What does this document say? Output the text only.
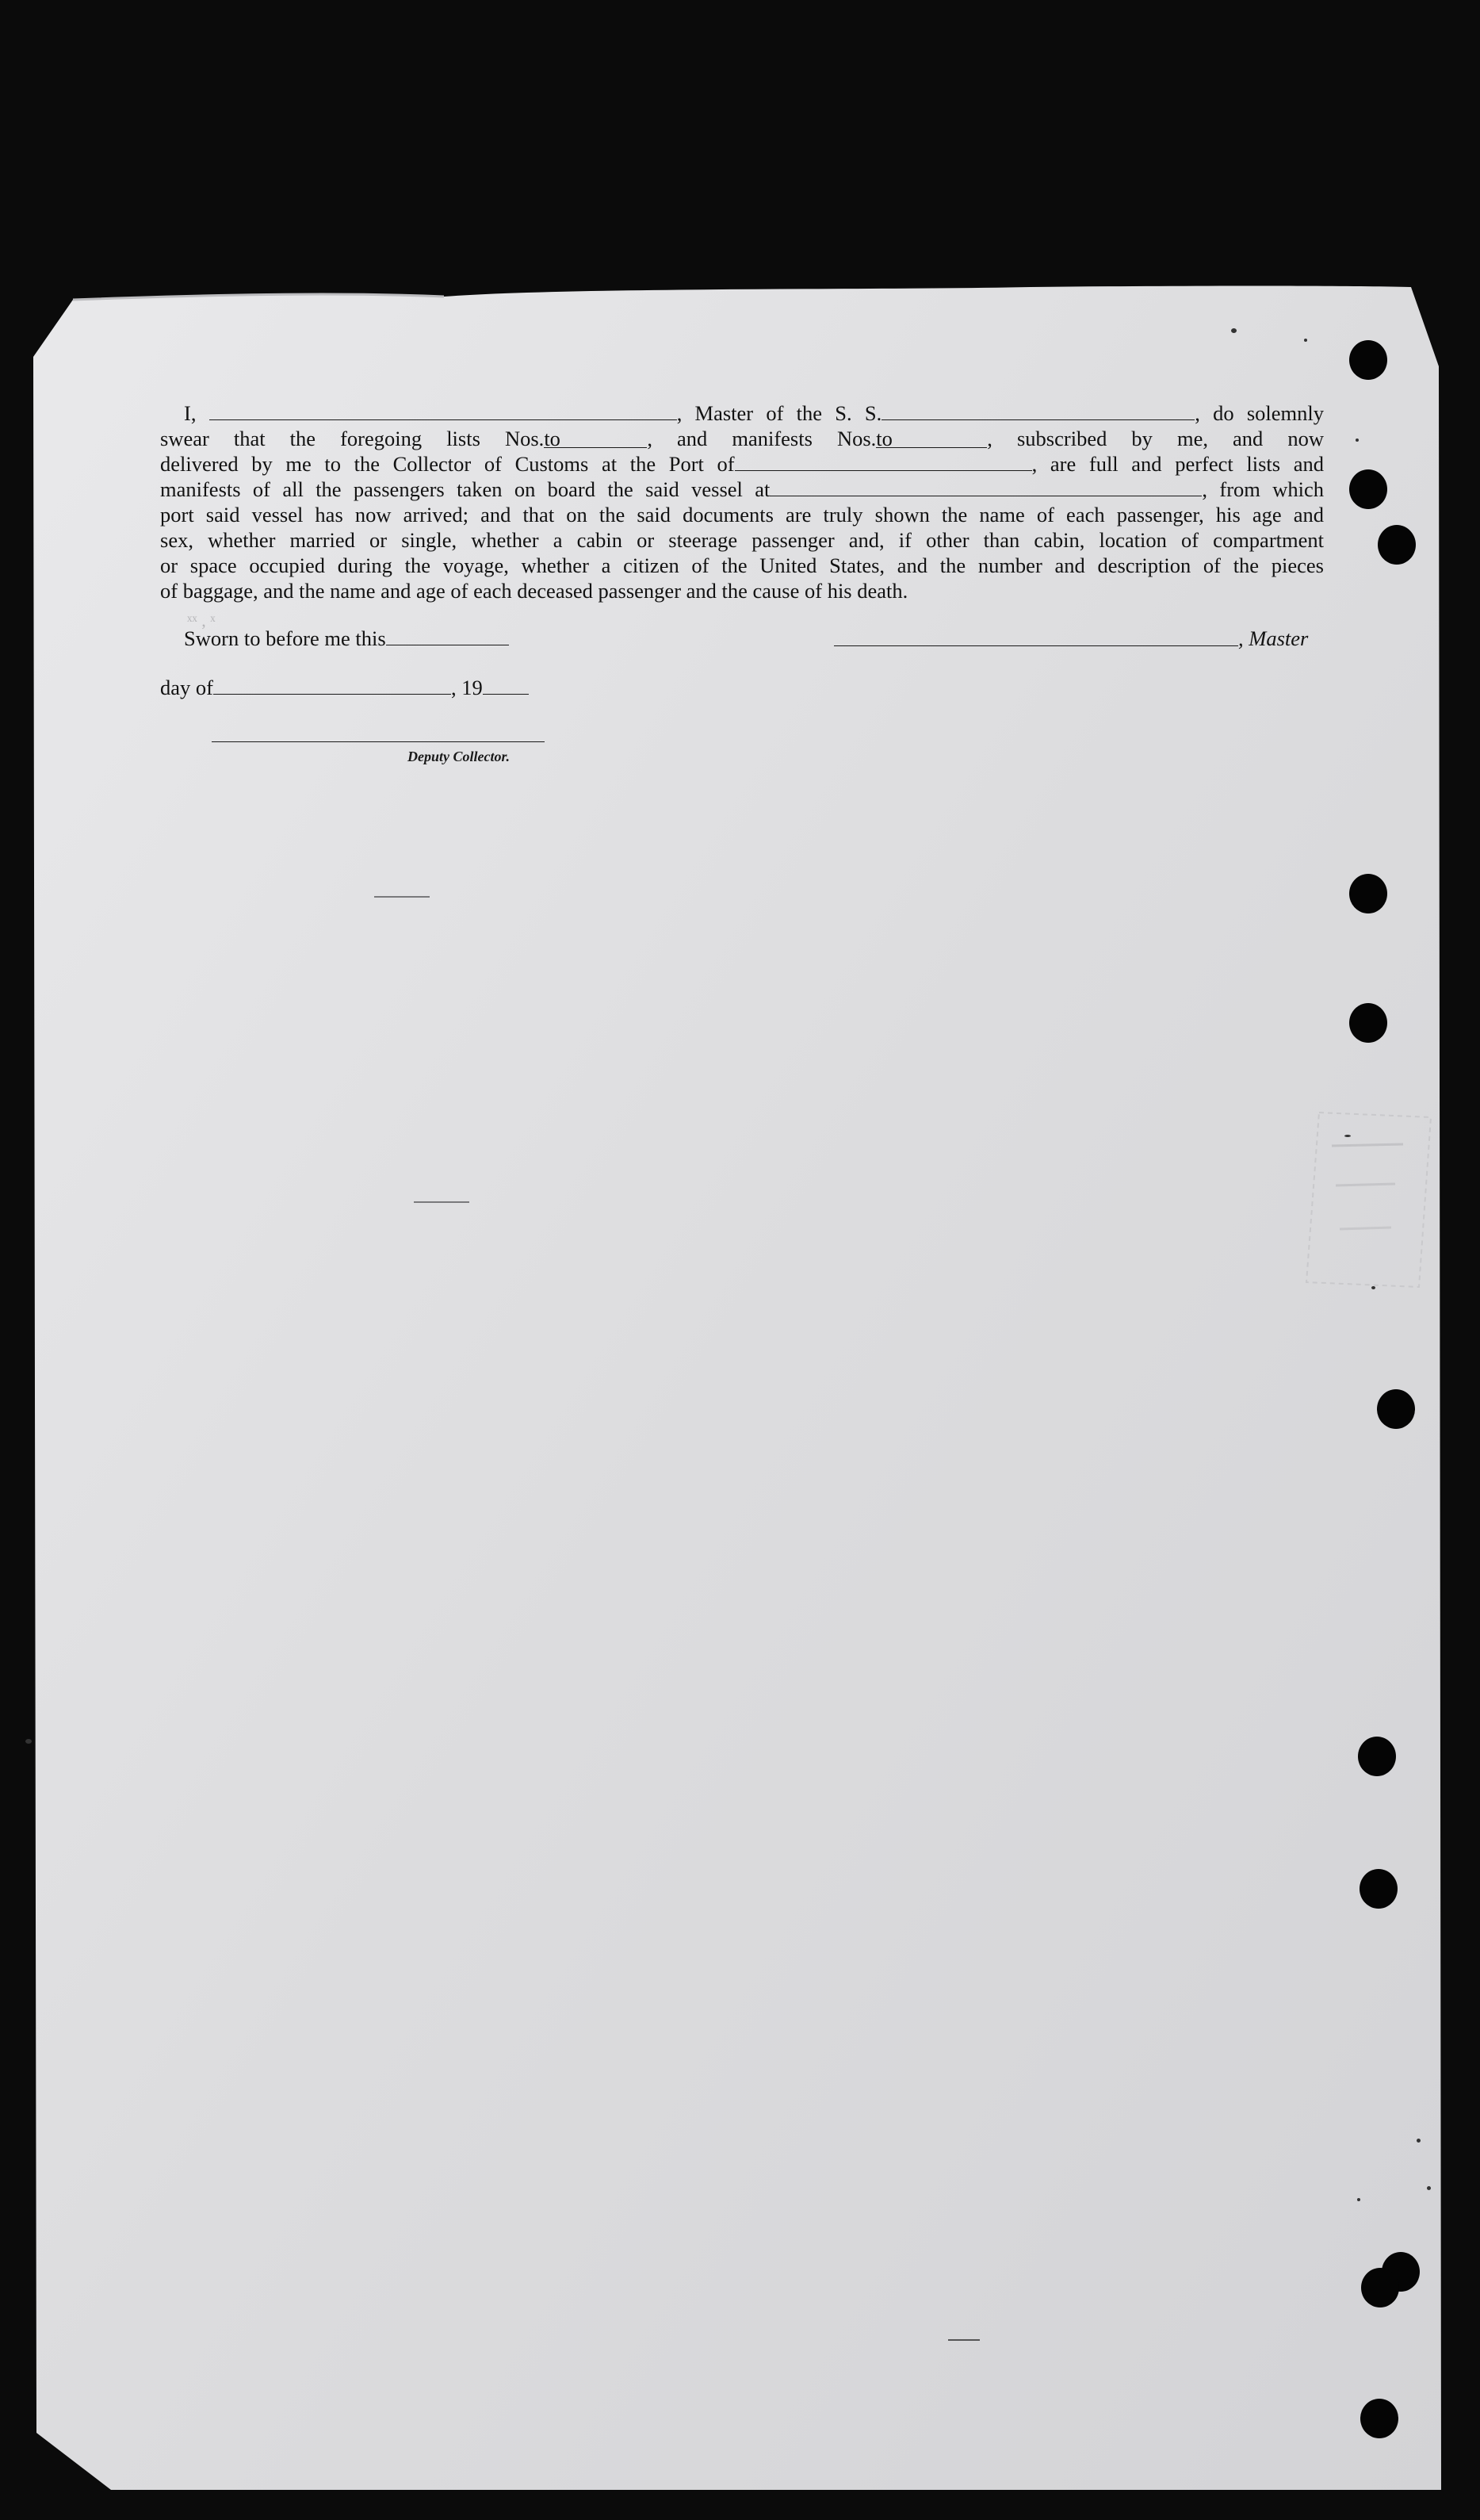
ˣˣ , ˣ
I,	, Master of the S. S.	, do solemnly
swear that the foregoing lists Nos.
to	, and manifests Nos.
to	, subscribed by me, and now
delivered by me to the Collector of Customs at the Port of	, are full and perfect lists and
manifests of all the passengers taken on board the said vessel at	, from which
port said vessel has now arrived; and that on the said documents are truly shown the name of each passenger, his age and
sex, whether married or single, whether a cabin or steerage passenger and, if other than cabin, location of compartment
or space occupied during the voyage, whether a citizen of the United States, and the number and description of the pieces
of baggage, and the name and age of each deceased passenger and the cause of his death.
Sworn to before me this	, Master
day of	, 19
Deputy Collector.
